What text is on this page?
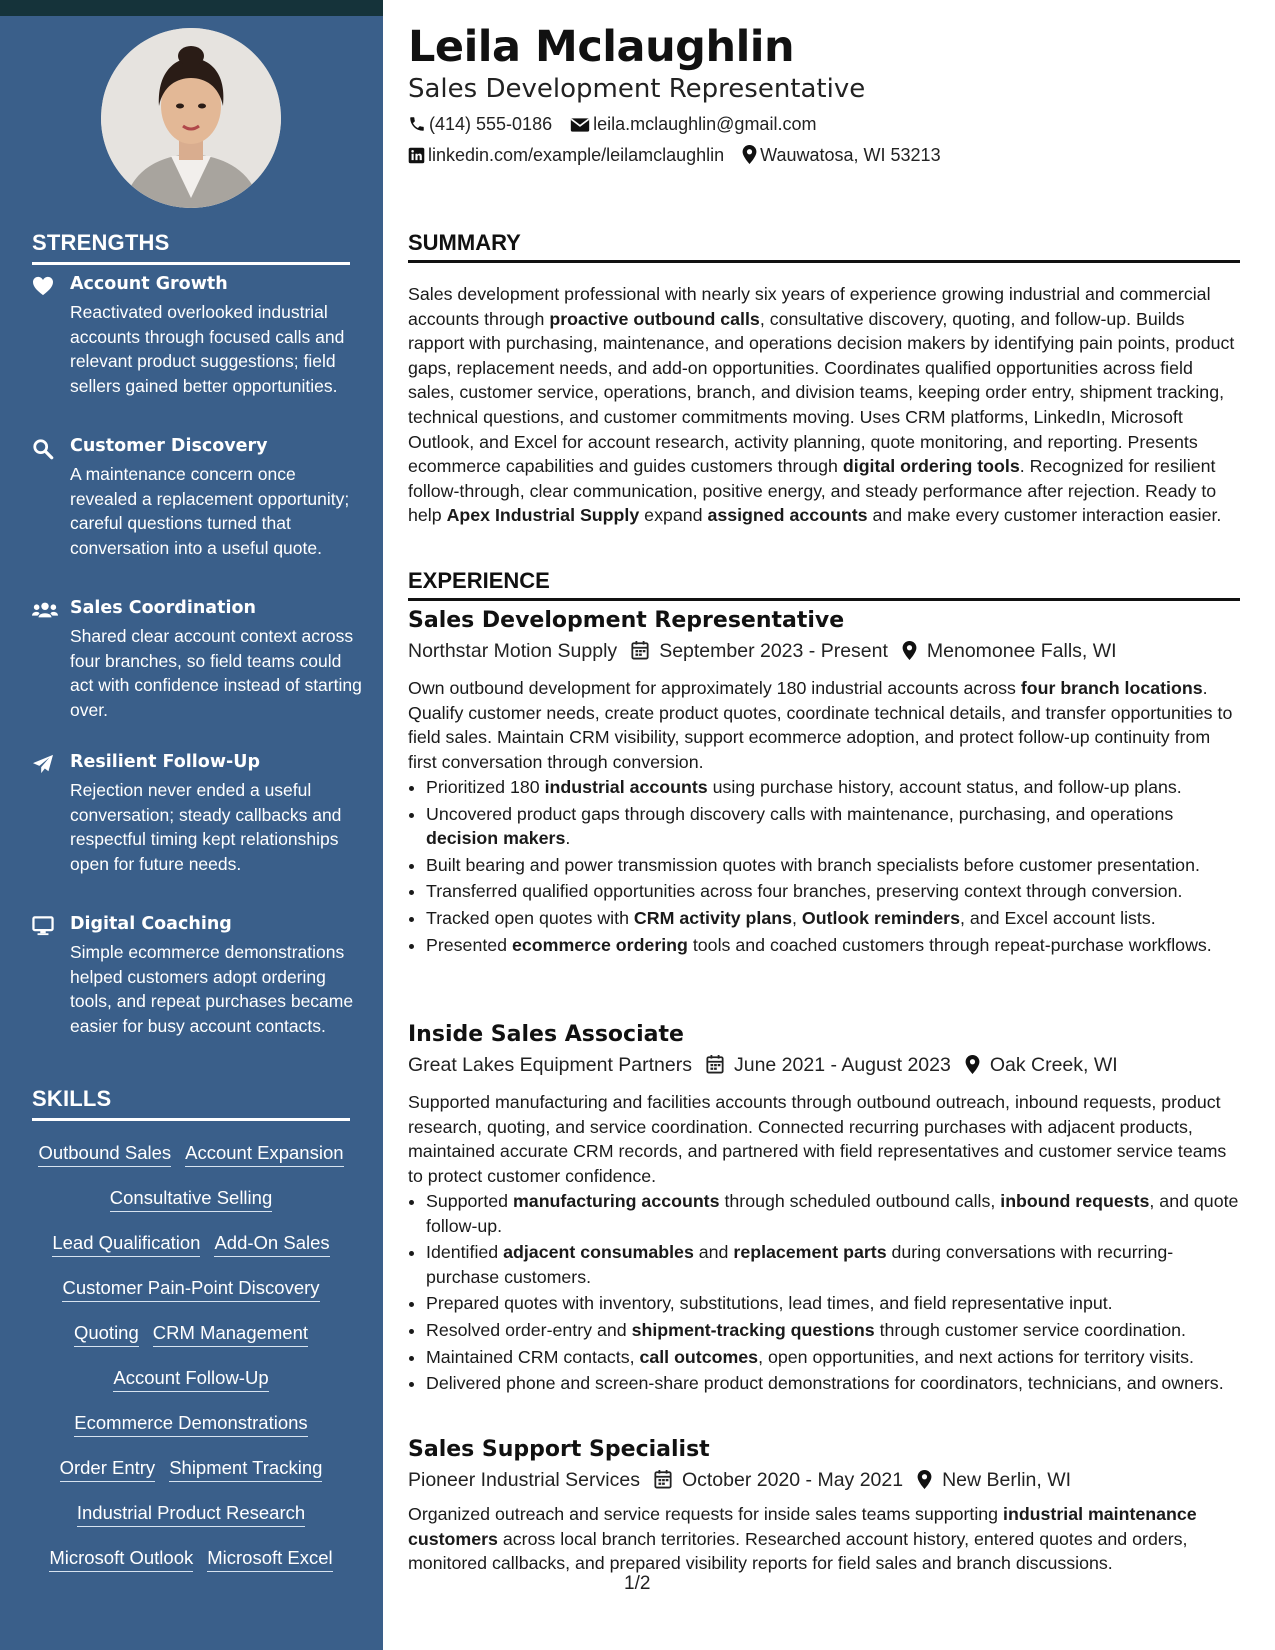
STRENGTHS
Account Growth
Reactivated overlooked industrial accounts through focused calls and relevant product suggestions; field sellers gained better opportunities.
Customer Discovery
A maintenance concern once revealed a replacement opportunity; careful questions turned that conversation into a useful quote.
Sales Coordination
Shared clear account context across four branches, so field teams could act with confidence instead of starting over.
Resilient Follow-Up
Rejection never ended a useful conversation; steady callbacks and respectful timing kept relationships open for future needs.
Digital Coaching
Simple ecommerce demonstrations helped customers adopt ordering tools, and repeat purchases became easier for busy account contacts.
SKILLS
Outbound Sales Account Expansion
Consultative Selling
Lead Qualification Add-On Sales
Customer Pain-Point Discovery
Quoting CRM Management
Account Follow-Up
Ecommerce Demonstrations
Order Entry Shipment Tracking
Industrial Product Research
Microsoft Outlook Microsoft Excel
Leila Mclaughlin
Sales Development Representative
(414) 555-0186 leila.mclaughlin@gmail.com
linkedin.com/example/leilamclaughlin Wauwatosa, WI 53213
SUMMARY
Sales development professional with nearly six years of experience growing industrial and commercial accounts through proactive outbound calls, consultative discovery, quoting, and follow-up. Builds rapport with purchasing, maintenance, and operations decision makers by identifying pain points, product gaps, replacement needs, and add-on opportunities. Coordinates qualified opportunities across field sales, customer service, operations, branch, and division teams, keeping order entry, shipment tracking, technical questions, and customer commitments moving. Uses CRM platforms, LinkedIn, Microsoft Outlook, and Excel for account research, activity planning, quote monitoring, and reporting. Presents ecommerce capabilities and guides customers through digital ordering tools. Recognized for resilient follow-through, clear communication, positive energy, and steady performance after rejection. Ready to help Apex Industrial Supply expand assigned accounts and make every customer interaction easier.
EXPERIENCE
Sales Development Representative
Northstar Motion Supply September 2023 - Present Menomonee Falls, WI
Own outbound development for approximately 180 industrial accounts across four branch locations. Qualify customer needs, create product quotes, coordinate technical details, and transfer opportunities to field sales. Maintain CRM visibility, support ecommerce adoption, and protect follow-up continuity from first conversation through conversion.
• Prioritized 180 industrial accounts using purchase history, account status, and follow-up plans.
• Uncovered product gaps through discovery calls with maintenance, purchasing, and operations decision makers.
• Built bearing and power transmission quotes with branch specialists before customer presentation.
• Transferred qualified opportunities across four branches, preserving context through conversion.
• Tracked open quotes with CRM activity plans, Outlook reminders, and Excel account lists.
• Presented ecommerce ordering tools and coached customers through repeat-purchase workflows.
Inside Sales Associate
Great Lakes Equipment Partners June 2021 - August 2023 Oak Creek, WI
Supported manufacturing and facilities accounts through outbound outreach, inbound requests, product research, quoting, and service coordination. Connected recurring purchases with adjacent products, maintained accurate CRM records, and partnered with field representatives and customer service teams to protect customer confidence.
• Supported manufacturing accounts through scheduled outbound calls, inbound requests, and quote follow-up.
• Identified adjacent consumables and replacement parts during conversations with recurring-purchase customers.
• Prepared quotes with inventory, substitutions, lead times, and field representative input.
• Resolved order-entry and shipment-tracking questions through customer service coordination.
• Maintained CRM contacts, call outcomes, open opportunities, and next actions for territory visits.
• Delivered phone and screen-share product demonstrations for coordinators, technicians, and owners.
Sales Support Specialist
Pioneer Industrial Services October 2020 - May 2021 New Berlin, WI
Organized outreach and service requests for inside sales teams supporting industrial maintenance customers across local branch territories. Researched account history, entered quotes and orders, monitored callbacks, and prepared visibility reports for field sales and branch discussions.
1/2
